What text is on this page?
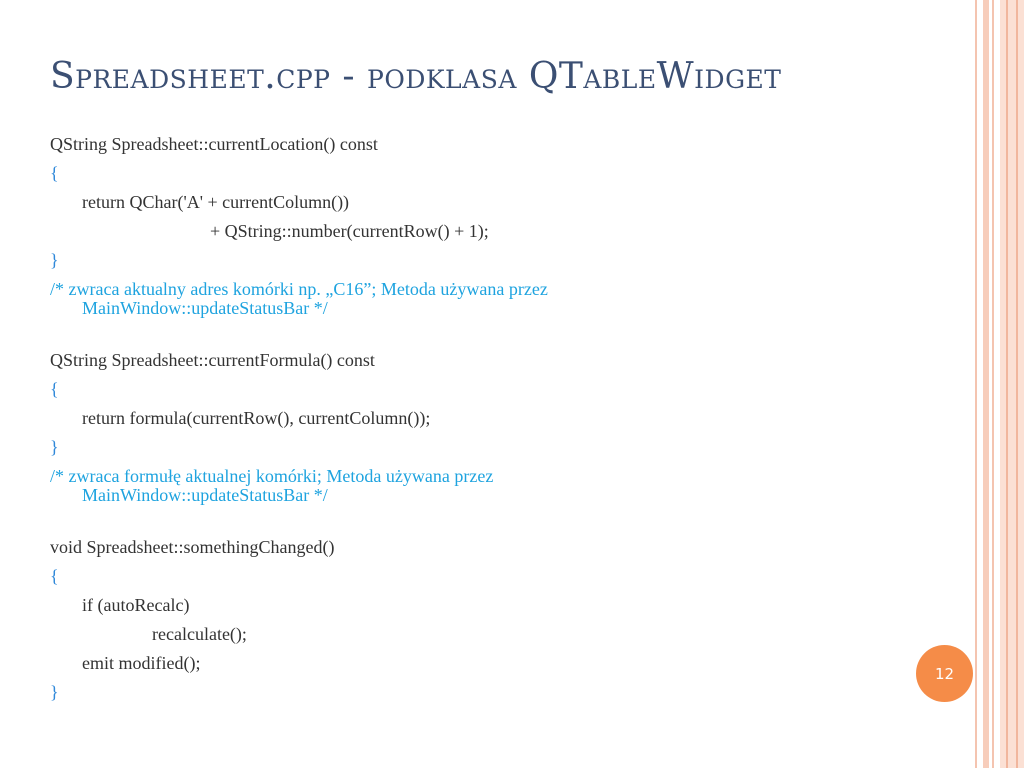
Spreadsheet.cpp - podklasa QTableWidget
QString Spreadsheet::currentLocation() const
{
return QChar('A' + currentColumn())
+ QString::number(currentRow() + 1);
}
/* zwraca aktualny adres komórki np. „C16”; Metoda używana przez
MainWindow::updateStatusBar */
QString Spreadsheet::currentFormula() const
{
return formula(currentRow(), currentColumn());
}
/* zwraca formułę aktualnej komórki; Metoda używana przez
MainWindow::updateStatusBar */
void Spreadsheet::somethingChanged()
{
if (autoRecalc)
recalculate();
emit modified();
}
12
